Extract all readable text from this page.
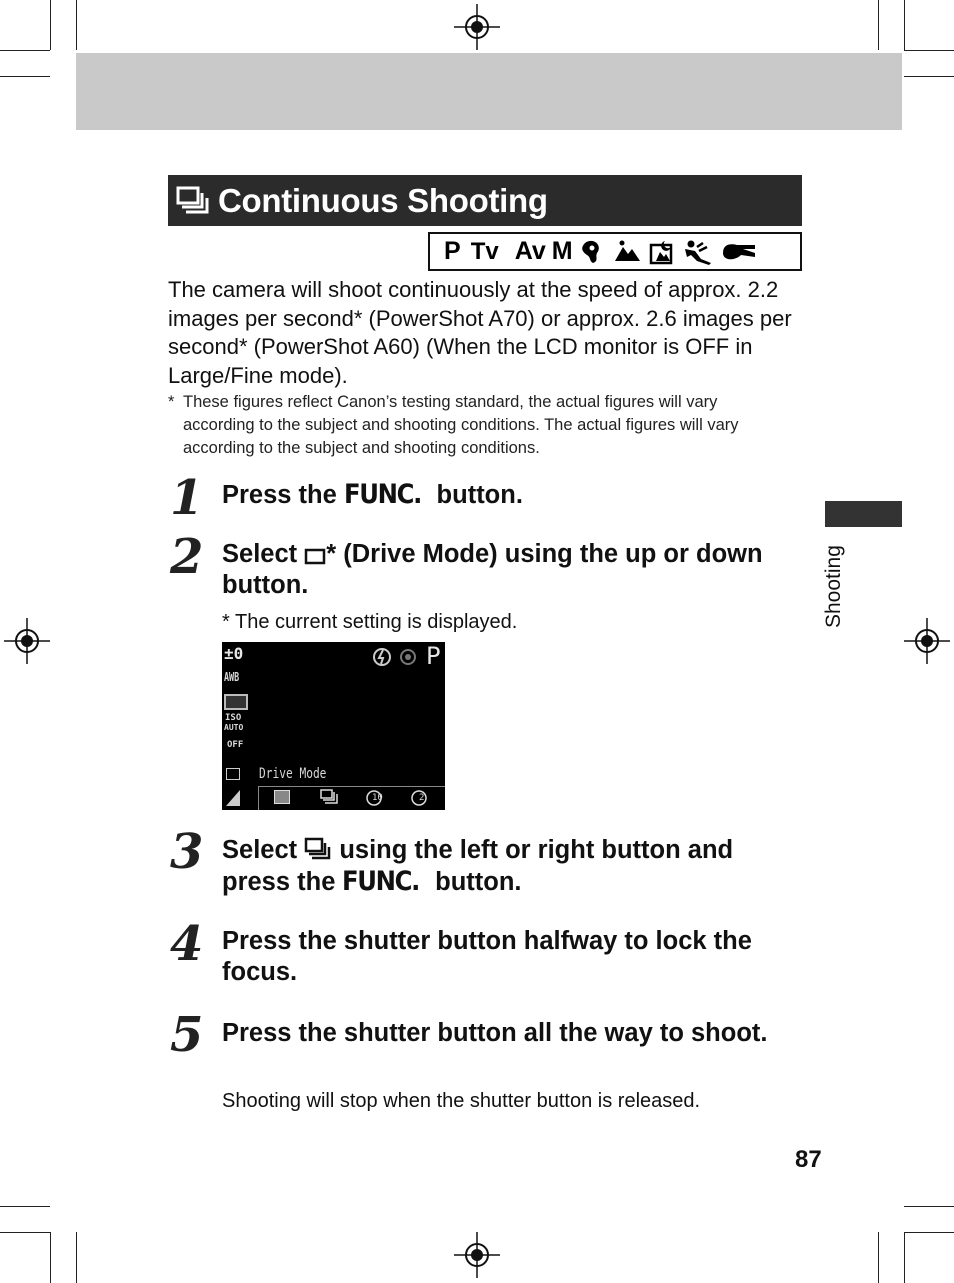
Continuous Shooting
P Tv Av M
The camera will shoot continuously at the speed of approx. 2.2 images per second* (PowerShot A70) or approx. 2.6 images per second* (PowerShot A60) (When the LCD monitor is OFF in Large/Fine mode).
* These figures reflect Canon’s testing standard, the actual figures will vary according to the subject and shooting conditions. The actual figures will vary according to the subject and shooting conditions.
1 Press the FUNC. button.
2 Select * (Drive Mode) using the up or down button.
* The current setting is displayed.
±0
AWB
ISO
AUTO
OFF
P
Drive Mode
10	2
3 Select using the left or right button and press the FUNC. button.
4 Press the shutter button halfway to lock the focus.
5 Press the shutter button all the way to shoot.
Shooting will stop when the shutter button is released.
Shooting
87
